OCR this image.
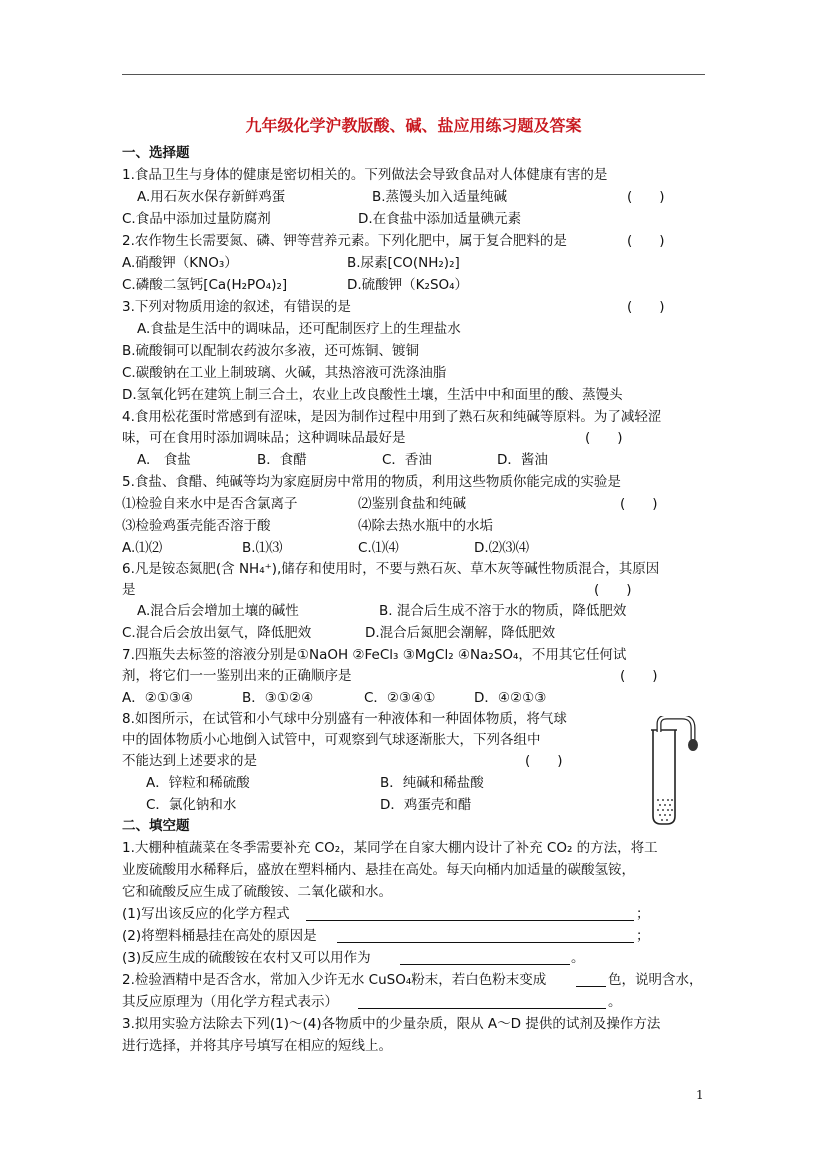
九年级化学沪教版酸、碱、盐应用练习题及答案
一、选择题
1.食品卫生与身体的健康是密切相关的。下列做法会导致食品对人体健康有害的是
A.用石灰水保存新鲜鸡蛋	B.蒸馒头加入适量纯碱	(　　)
C.食品中添加过量防腐剂	D.在食盐中添加适量碘元素
2.农作物生长需要氮、磷、钾等营养元素。下列化肥中，属于复合肥料的是	(　　)
A.硝酸钾（KNO₃）	B.尿素[CO(NH₂)₂]
C.磷酸二氢钙[Ca(H₂PO₄)₂]	D.硫酸钾（K₂SO₄）
3.下列对物质用途的叙述，有错误的是	(　　)
A.食盐是生活中的调味品，还可配制医疗上的生理盐水
B.硫酸铜可以配制农药波尔多液，还可炼铜、镀铜
C.碳酸钠在工业上制玻璃、火碱，其热溶液可洗涤油脂
D.氢氧化钙在建筑上制三合土，农业上改良酸性土壤，生活中中和面里的酸、蒸馒头
4.食用松花蛋时常感到有涩味，是因为制作过程中用到了熟石灰和纯碱等原料。为了减轻涩
味，可在食用时添加调味品；这种调味品最好是	(　　)
A.　食盐	B．食醋	C．香油	D．酱油
5.食盐、食醋、纯碱等均为家庭厨房中常用的物质，利用这些物质你能完成的实验是
⑴检验自来水中是否含氯离子	⑵鉴别食盐和纯碱	(　　)
⑶检验鸡蛋壳能否溶于酸	⑷除去热水瓶中的水垢
A.⑴⑵	B.⑴⑶	C.⑴⑷	D.⑵⑶⑷
6.凡是铵态氮肥(含 NH₄⁺),储存和使用时，不要与熟石灰、草木灰等碱性物质混合，其原因
是	(　　)
A.混合后会增加土壤的碱性	B. 混合后生成不溶于水的物质，降低肥效
C.混合后会放出氨气，降低肥效	D.混合后氮肥会潮解，降低肥效
7.四瓶失去标签的溶液分别是①NaOH ②FeCl₃ ③MgCl₂ ④Na₂SO₄，不用其它任何试
剂，将它们一一鉴别出来的正确顺序是	(　　)
A．②①③④	B．③①②④	C．②③④①	D．④②①③
8.如图所示，在试管和小气球中分别盛有一种液体和一种固体物质，将气球
中的固体物质小心地倒入试管中，可观察到气球逐渐胀大，下列各组中
不能达到上述要求的是	(　　)
A．锌粒和稀硫酸	B．纯碱和稀盐酸
C．氯化钠和水	D．鸡蛋壳和醋
二、填空题
1.大棚种植蔬菜在冬季需要补充 CO₂，某同学在自家大棚内设计了补充 CO₂ 的方法，将工
业废硫酸用水稀释后，盛放在塑料桶内、悬挂在高处。每天向桶内加适量的碳酸氢铵，
它和硫酸反应生成了硫酸铵、二氧化碳和水。
(1)写出该反应的化学方程式	；
(2)将塑料桶悬挂在高处的原因是	；
(3)反应生成的硫酸铵在农村又可以用作为	。
2.检验酒精中是否含水，常加入少许无水 CuSO₄粉末，若白色粉末变成	色，说明含水，
其反应原理为（用化学方程式表示）	。
3.拟用实验方法除去下列(1)～(4)各物质中的少量杂质，限从 A～D 提供的试剂及操作方法
进行选择，并将其序号填写在相应的短线上。
1
